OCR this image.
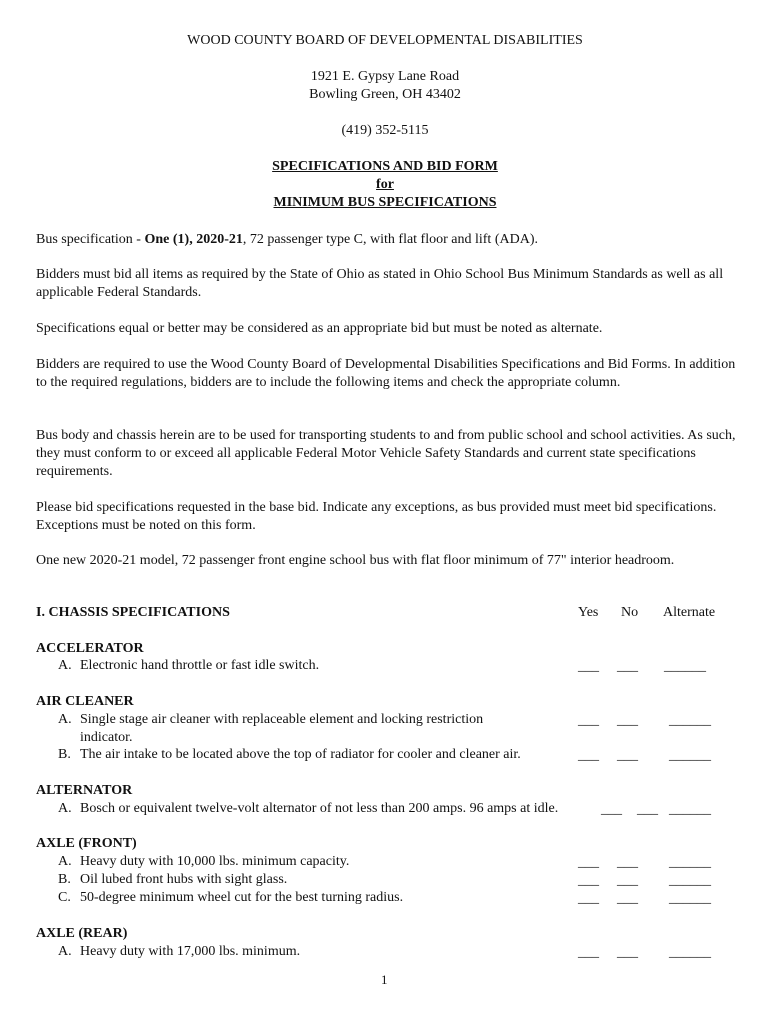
WOOD COUNTY BOARD OF DEVELOPMENTAL DISABILITIES
1921 E. Gypsy Lane Road
Bowling Green, OH 43402
(419) 352-5115
SPECIFICATIONS AND BID FORM
for
MINIMUM BUS SPECIFICATIONS
Bus specification - One (1), 2020-21, 72 passenger type C, with flat floor and lift (ADA).
Bidders must bid all items as required by the State of Ohio as stated in Ohio School Bus Minimum Standards as well as all applicable Federal Standards.
Specifications equal or better may be considered as an appropriate bid but must be noted as alternate.
Bidders are required to use the Wood County Board of Developmental Disabilities Specifications and Bid Forms. In addition to the required regulations, bidders are to include the following items and check the appropriate column.
Bus body and chassis herein are to be used for transporting students to and from public school and school activities. As such, they must conform to or exceed all applicable Federal Motor Vehicle Safety Standards and current state specifications requirements.
Please bid specifications requested in the base bid. Indicate any exceptions, as bus provided must meet bid specifications. Exceptions must be noted on this form.
One new 2020-21 model, 72 passenger front engine school bus with flat floor minimum of 77" interior headroom.
I. CHASSIS SPECIFICATIONS	Yes No Alternate
ACCELERATOR
A. Electronic hand throttle or fast idle switch.	___ ___ ______
AIR CLEANER
A. Single stage air cleaner with replaceable element and locking restriction
indicator.
___ ___ ______
B. The air intake to be located above the top of radiator for cooler and cleaner air.	___ ___ ______
ALTERNATOR
A. Bosch or equivalent twelve-volt alternator of not less than 200 amps. 96 amps at idle.	___ ___ ______
AXLE (FRONT)
A. Heavy duty with 10,000 lbs. minimum capacity.	___ ___ ______
B. Oil lubed front hubs with sight glass.	___ ___ ______
C. 50-degree minimum wheel cut for the best turning radius.	___ ___ ______
AXLE (REAR)
A. Heavy duty with 17,000 lbs. minimum.	___ ___ ______
1
